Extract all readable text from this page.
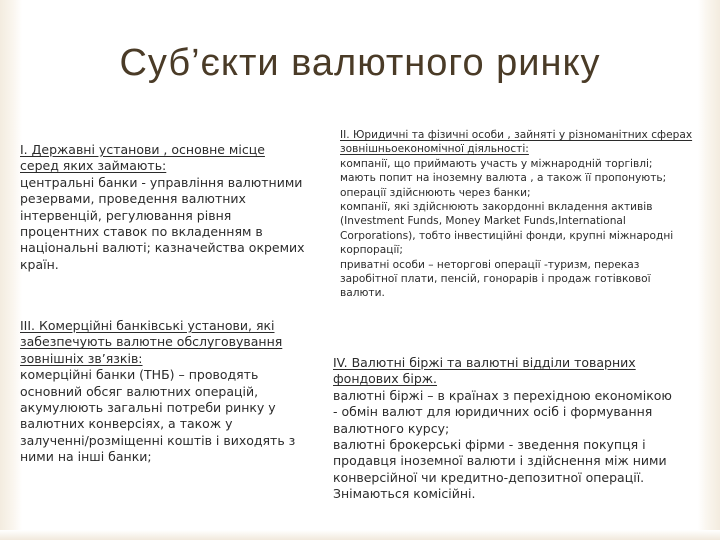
Суб’єкти валютного ринку
I. Державні установи , основне місце серед яких займають:
центральні банки - управління валютними резервами, проведення валютних інтервенцій, регулювання рівня процентних ставок по вкладенням в національні валюті; казначейства окремих країн.
II. Юридичні та фізичні особи , зайняті у різноманітних сферах зовнішньоекономічної діяльності:
компанії, що приймають участь у міжнародній торгівлі;
мають попит на іноземну валюта , а також її пропонують; операції здійснюють через банки;
компанії, які здійснюють закордонні вкладення активів (Investment Funds, Money Market Funds,International Corporations), тобто інвестиційні фонди, крупні міжнародні корпорації;
приватні особи – неторгові операції -туризм, переказ заробітної плати, пенсій, гонорарів і продаж готівкової валюти.
III. Комерційні банківські установи, які забезпечують валютне обслуговування зовнішніх зв’язків:
комерційні банки (ТНБ) – проводять основний обсяг валютних операцій, акумулюють загальні потреби ринку у валютних конверсіях, а також у залученні/розміщенні коштів і виходять з ними на інші банки;
IV. Валютні біржі та валютні відділи товарних фондових бірж.
валютні біржі – в країнах з перехідною економікою - обмін валют для юридичних осіб і формування валютного курсу;
валютні брокерські фірми - зведення покупця і продавця іноземної валюти і здійснення між ними конверсійної чи кредитно-депозитної операції. Знімаються комісійні.
